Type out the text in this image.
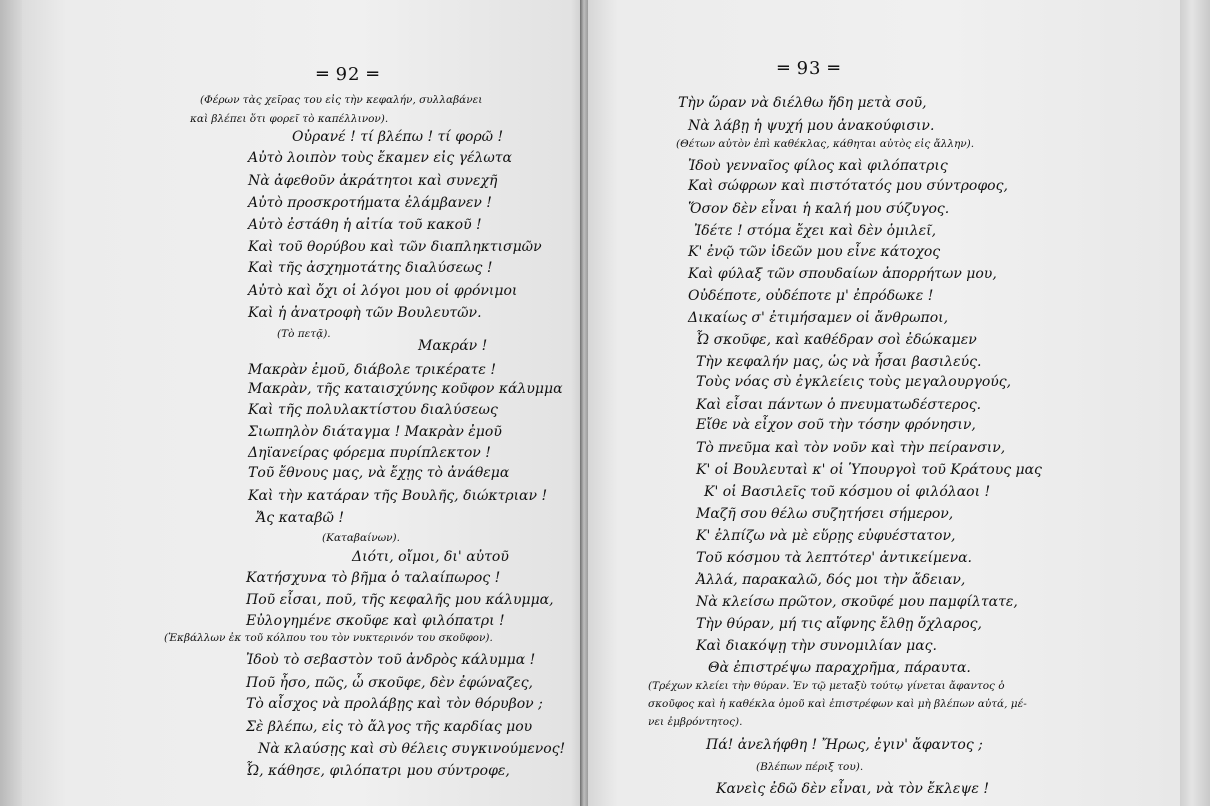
═ 92 ═
(Φέρων τὰς χεῖρας του εἰς τὴν κεφαλήν, συλλαβάνει
καὶ βλέπει ὅτι φορεῖ τὸ καπέλλινον).
Οὐρανέ ! τί βλέπω ! τί φορῶ !
Αὐτὸ λοιπὸν τοὺς ἔκαμεν εἰς γέλωτα
Νὰ ἀφεθοῦν ἀκράτητοι καὶ συνεχῆ
Αὐτὸ προσκροτήματα ἐλάμβανεν !
Αὐτὸ ἐστάθη ἡ αἰτία τοῦ κακοῦ !
Καὶ τοῦ θορύβου καὶ τῶν διαπληκτισμῶν
Καὶ τῆς ἀσχημοτάτης διαλύσεως !
Αὐτὸ καὶ ὄχι οἱ λόγοι μου οἱ φρόνιμοι
Καὶ ἡ ἀνατροφὴ τῶν Βουλευτῶν.
(Τὸ πετᾷ).
Μακράν !
Μακρὰν ἐμοῦ, διάβολε τρικέρατε !
Μακρὰν, τῆς καταισχύνης κοῦφον κάλυμμα
Καὶ τῆς πολυλακτίστου διαλύσεως
Σιωπηλὸν διάταγμα ! Μακρὰν ἐμοῦ
Δηϊανείρας φόρεμα πυρίπλεκτον !
Τοῦ ἔθνους μας, νὰ ἔχῃς τὸ ἀνάθεμα
Καὶ τὴν κατάραν τῆς Βουλῆς, διώκτριαν !
Ἄς καταβῶ !
(Καταβαίνων).
Διότι, οἴμοι, δι' αὐτοῦ
Κατήσχυνα τὸ βῆμα ὁ ταλαίπωρος !
Ποῦ εἶσαι, ποῦ, τῆς κεφαλῆς μου κάλυμμα,
Εὐλογημένε σκοῦφε καὶ φιλόπατρι !
(Ἐκβάλλων ἐκ τοῦ κόλπου του τὸν νυκτερινόν του σκοῦφον).
Ἰδοὺ τὸ σεβαστὸν τοῦ ἀνδρὸς κάλυμμα !
Ποῦ ἦσο, πῶς, ὦ σκοῦφε, δὲν ἐφώναζες,
Τὸ αἶσχος νὰ προλάβῃς καὶ τὸν θόρυβον ;
Σὲ βλέπω, εἰς τὸ ἄλγος τῆς καρδίας μου
Νὰ κλαύσῃς καὶ σὺ θέλεις συγκινούμενος!
Ὦ, κάθησε, φιλόπατρι μου σύντροφε,
═ 93 ═
Τὴν ὥραν νὰ διέλθω ἤδη μετὰ σοῦ,
Νὰ λάβῃ ἡ ψυχή μου ἀνακούφισιν.
(Θέτων αὐτὸν ἐπὶ καθέκλας, κάθηται αὐτὸς εἰς ἄλλην).
Ἰδοὺ γενναῖος φίλος καὶ φιλόπατρις
Καὶ σώφρων καὶ πιστότατός μου σύντροφος,
Ὅσον δὲν εἶναι ἡ καλή μου σύζυγος.
Ἰδέτε ! στόμα ἔχει καὶ δὲν ὁμιλεῖ,
Κ' ἐνῷ τῶν ἰδεῶν μου εἶνε κάτοχος
Καὶ φύλαξ τῶν σπουδαίων ἀπορρήτων μου,
Οὐδέποτε, οὐδέποτε μ' ἐπρόδωκε !
Δικαίως σ' ἐτιμήσαμεν οἱ ἄνθρωποι,
Ὦ σκοῦφε, καὶ καθέδραν σοὶ ἐδώκαμεν
Τὴν κεφαλήν μας, ὡς νὰ ἦσαι βασιλεύς.
Τοὺς νόας σὺ ἐγκλείεις τοὺς μεγαλουργούς,
Καὶ εἶσαι πάντων ὁ πνευματωδέστερος.
Εἴθε νὰ εἶχον σοῦ τὴν τόσην φρόνησιν,
Τὸ πνεῦμα καὶ τὸν νοῦν καὶ τὴν πείρανσιν,
Κ' οἱ Βουλευταὶ κ' οἱ Ὑπουργοὶ τοῦ Κράτους μας
Κ' οἱ Βασιλεῖς τοῦ κόσμου οἱ φιλόλαοι !
Μαζῆ σου θέλω συζητήσει σήμερον,
Κ' ἐλπίζω νὰ μὲ εὕρῃς εὐφυέστατον,
Τοῦ κόσμου τὰ λεπτότερ' ἀντικείμενα.
Ἀλλά, παρακαλῶ, δός μοι τὴν ἄδειαν,
Νὰ κλείσω πρῶτον, σκοῦφέ μου παμφίλτατε,
Τὴν θύραν, μή τις αἴφνης ἔλθῃ ὄχλαρος,
Καὶ διακόψῃ τὴν συνομιλίαν μας.
Θὰ ἐπιστρέψω παραχρῆμα, πάραυτα.
(Τρέχων κλείει τὴν θύραν. Ἐν τῷ μεταξὺ τούτῳ γίνεται ἄφαντος ὁ
σκοῦφος καὶ ἡ καθέκλα ὁμοῦ καὶ ἐπιστρέφων καὶ μὴ βλέπων αὐτά, μέ-
νει ἐμβρόντητος).
Πά! ἀνελήφθη ! Ἤρως, ἐγιν' ἄφαντος ;
(Βλέπων πέριξ του).
Κανεὶς ἐδῶ δὲν εἶναι, νὰ τὸν ἔκλεψε !
